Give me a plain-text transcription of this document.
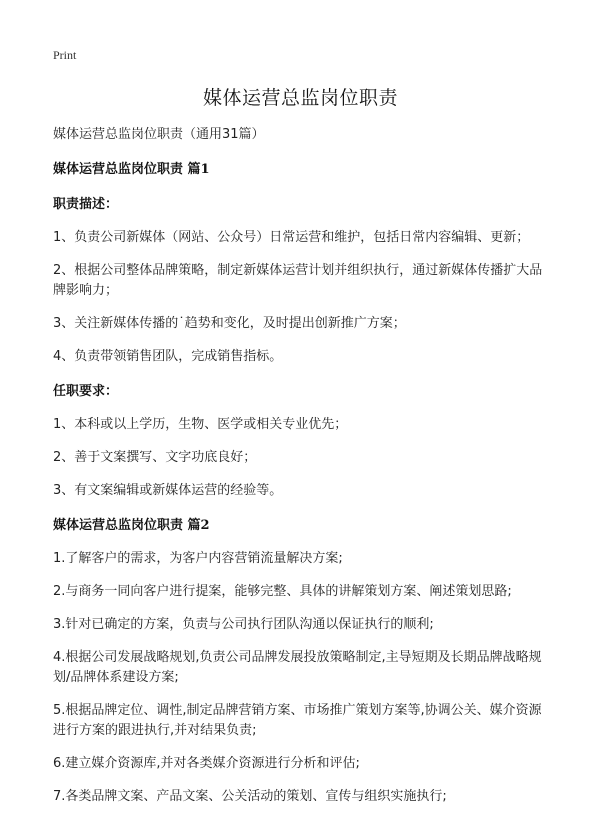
Print
媒体运营总监岗位职责
媒体运营总监岗位职责（通用31篇）
媒体运营总监岗位职责 篇1
职责描述：

1、负责公司新媒体（网站、公众号）日常运营和维护，包括日常内容编辑、更新；

2、根据公司整体品牌策略，制定新媒体运营计划并组织执行，通过新媒体传播扩大品牌影响力；

3、关注新媒体传播的˙趋势和变化，及时提出创新推广方案；

4、负责带领销售团队，完成销售指标。

任职要求：

1、本科或以上学历，生物、医学或相关专业优先；

2、善于文案撰写、文字功底良好；

3、有文案编辑或新媒体运营的经验等。

媒体运营总监岗位职责 篇2

1.了解客户的需求，为客户内容营销流量解决方案;

2.与商务一同向客户进行提案，能够完整、具体的讲解策划方案、阐述策划思路;

3.针对已确定的方案，负责与公司执行团队沟通以保证执行的顺利;

4.根据公司发展战略规划,负责公司品牌发展投放策略制定,主导短期及长期品牌战略规划/品牌体系建设方案;

5.根据品牌定位、调性,制定品牌营销方案、市场推广策划方案等,协调公关、媒介资源进行方案的跟进执行,并对结果负责;

6.建立媒介资源库,并对各类媒介资源进行分析和评估;

7.各类品牌文案、产品文案、公关活动的策划、宣传与组织实施执行;
